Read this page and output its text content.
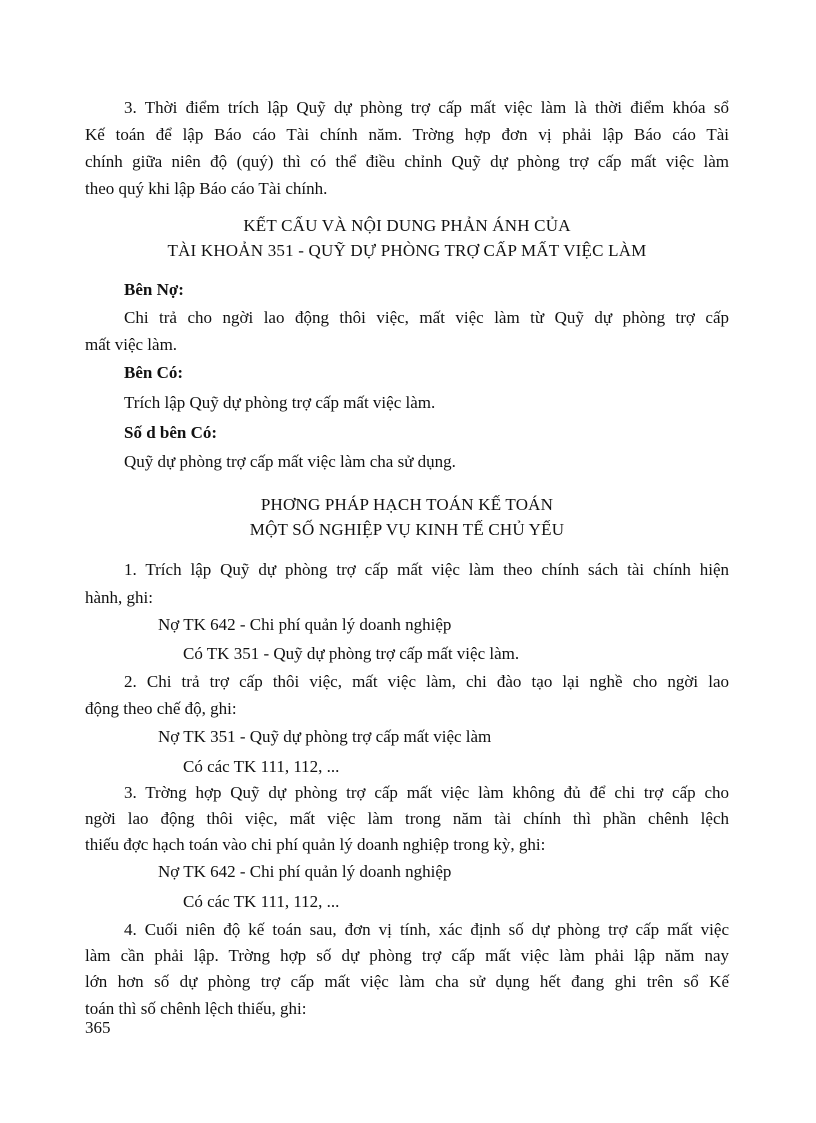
3. Thời điểm trích lập Quỹ dự phòng trợ cấp mất việc làm là thời điểm khóa sổ

Kế toán để lập Báo cáo Tài chính năm. Trờng hợp đơn vị phải lập Báo cáo Tài

chính giữa niên độ (quý) thì có thể điều chỉnh Quỹ dự phòng trợ cấp mất việc làm

theo quý khi lập Báo cáo Tài chính.

KẾT CẤU VÀ NỘI DUNG PHẢN ÁNH CỦA

TÀI KHOẢN 351 - QUỸ DỰ PHÒNG TRỢ CẤP MẤT VIỆC LÀM

Bên Nợ:

Chi trả cho ngời lao động thôi việc, mất việc làm từ Quỹ dự phòng trợ cấp

mất việc làm.

Bên Có:

Trích lập Quỹ dự phòng trợ cấp mất việc làm.

Số d bên Có:

Quỹ dự phòng trợ cấp mất việc làm cha sử dụng.

PHƠNG PHÁP HẠCH TOÁN KẾ TOÁN

MỘT SỐ NGHIỆP VỤ KINH TẾ CHỦ YẾU

1. Trích lập Quỹ dự phòng trợ cấp mất việc làm theo chính sách tài chính hiện

hành, ghi:

Nợ TK 642 - Chi phí quản lý doanh nghiệp

Có TK 351 - Quỹ dự phòng trợ cấp mất việc làm.

2. Chi trả trợ cấp thôi việc, mất việc làm, chi đào tạo lại nghề cho ngời lao

động theo chế độ, ghi:

Nợ TK 351 - Quỹ dự phòng trợ cấp mất việc làm

Có các TK 111, 112, ...

3. Trờng hợp Quỹ dự phòng trợ cấp mất việc làm không đủ để chi trợ cấp cho

ngời lao động thôi việc, mất việc làm trong năm tài chính thì phần chênh lệch

thiếu đợc hạch toán vào chi phí quản lý doanh nghiệp trong kỳ, ghi:

Nợ TK 642 - Chi phí quản lý doanh nghiệp

Có các TK 111, 112, ...

4. Cuối niên độ kế toán sau, đơn vị tính, xác định số dự phòng trợ cấp mất việc

làm cần phải lập. Trờng hợp số dự phòng trợ cấp mất việc làm phải lập năm nay

lớn hơn số dự phòng trợ cấp mất việc làm cha sử dụng hết đang ghi trên sổ Kế

toán thì số chênh lệch thiếu, ghi:

365
